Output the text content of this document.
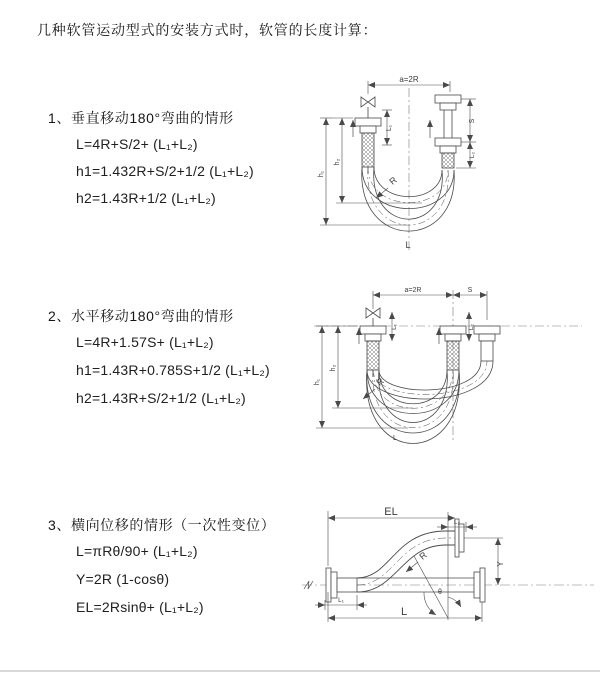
几种软管运动型式的安装方式时，软管的长度计算：
1、垂直移动180°弯曲的情形
L=4R+S/2+ (L₁+L₂)
h1=1.432R+S/2+1/2 (L₁+L₂)
h2=1.43R+1/2 (L₁+L₂)
a=2R
L₁
S
L₂
R
h₂
h₁
L
2、水平移动180°弯曲的情形
L=4R+1.57S+ (L₁+L₂)
h1=1.43R+0.785S+1/2 (L₁+L₂)
h2=1.43R+S/2+1/2 (L₁+L₂)
a=2R	S
L₁	L₂
R
h₂
h₁
L
3、横向位移的情形（一次性变位）
L=πRθ/90+ (L₁+L₂)
Y=2R (1-cosθ)
EL=2Rsinθ+ (L₁+L₂)
EL
L₂
Y
R
θ
L
L₁
